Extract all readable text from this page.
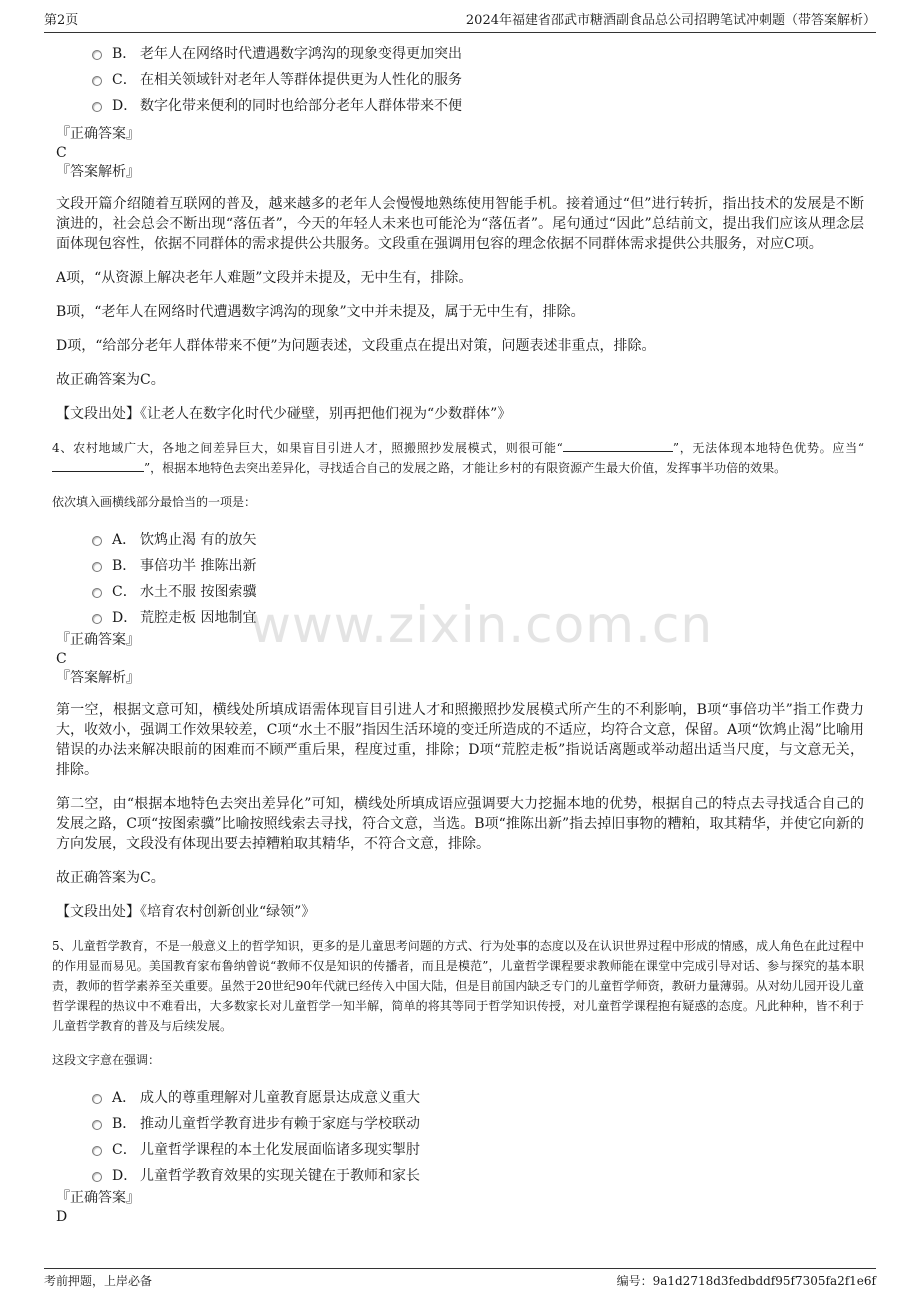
第2页	2024年福建省邵武市糖酒副食品总公司招聘笔试冲刺题（带答案解析）
www.zixin.com.cn
B． 老年人在网络时代遭遇数字鸿沟的现象变得更加突出
C． 在相关领域针对老年人等群体提供更为人性化的服务
D． 数字化带来便利的同时也给部分老年人群体带来不便
『正确答案』
C
『答案解析』
文段开篇介绍随着互联网的普及，越来越多的老年人会慢慢地熟练使用智能手机。接着通过“但”进行转折，指出技术的发展是不断演进的，社会总会不断出现“落伍者”，今天的年轻人未来也可能沦为“落伍者”。尾句通过“因此”总结前文，提出我们应该从理念层面体现包容性，依据不同群体的需求提供公共服务。文段重在强调用包容的理念依据不同群体需求提供公共服务，对应C项。
A项，“从资源上解决老年人难题”文段并未提及，无中生有，排除。
B项，“老年人在网络时代遭遇数字鸿沟的现象”文中并未提及，属于无中生有，排除。
D项，“给部分老年人群体带来不便”为问题表述，文段重点在提出对策，问题表述非重点，排除。
故正确答案为C。
【文段出处】《让老人在数字化时代少碰壁，别再把他们视为“少数群体”》
4、农村地域广大，各地之间差异巨大，如果盲目引进人才，照搬照抄发展模式，则很可能“	”，无法体现本地特色优势。应当“”，根据本地特色去突出差异化，寻找适合自己的发展之路，才能让乡村的有限资源产生最大价值，发挥事半功倍的效果。
依次填入画横线部分最恰当的一项是：
A． 饮鸩止渴 有的放矢
B． 事倍功半 推陈出新
C． 水土不服 按图索骥
D． 荒腔走板 因地制宜
『正确答案』
C
『答案解析』
第一空，根据文意可知，横线处所填成语需体现盲目引进人才和照搬照抄发展模式所产生的不利影响，B项“事倍功半”指工作费力大，收效小，强调工作效果较差，C项“水土不服”指因生活环境的变迁所造成的不适应，均符合文意，保留。A项“饮鸩止渴”比喻用错误的办法来解决眼前的困难而不顾严重后果，程度过重，排除；D项“荒腔走板”指说话离题或举动超出适当尺度，与文意无关，排除。
第二空，由“根据本地特色去突出差异化”可知，横线处所填成语应强调要大力挖掘本地的优势，根据自己的特点去寻找适合自己的发展之路，C项“按图索骥”比喻按照线索去寻找，符合文意，当选。B项“推陈出新”指去掉旧事物的糟粕，取其精华，并使它向新的方向发展，文段没有体现出要去掉糟粕取其精华，不符合文意，排除。
故正确答案为C。
【文段出处】《培育农村创新创业“绿领”》
5、儿童哲学教育，不是一般意义上的哲学知识，更多的是儿童思考问题的方式、行为处事的态度以及在认识世界过程中形成的情感，成人角色在此过程中的作用显而易见。美国教育家布鲁纳曾说“教师不仅是知识的传播者，而且是模范”，儿童哲学课程要求教师能在课堂中完成引导对话、参与探究的基本职责，教师的哲学素养至关重要。虽然于20世纪90年代就已经传入中国大陆，但是目前国内缺乏专门的儿童哲学师资，教研力量薄弱。从对幼儿园开设儿童哲学课程的热议中不难看出，大多数家长对儿童哲学一知半解，简单的将其等同于哲学知识传授，对儿童哲学课程抱有疑惑的态度。凡此种种，皆不利于儿童哲学教育的普及与后续发展。
这段文字意在强调：
A． 成人的尊重理解对儿童教育愿景达成意义重大
B． 推动儿童哲学教育进步有赖于家庭与学校联动
C． 儿童哲学课程的本土化发展面临诸多现实掣肘
D． 儿童哲学教育效果的实现关键在于教师和家长
『正确答案』
D
考前押题，上岸必备	编号：9a1d2718d3fedbddf95f7305fa2f1e6f
